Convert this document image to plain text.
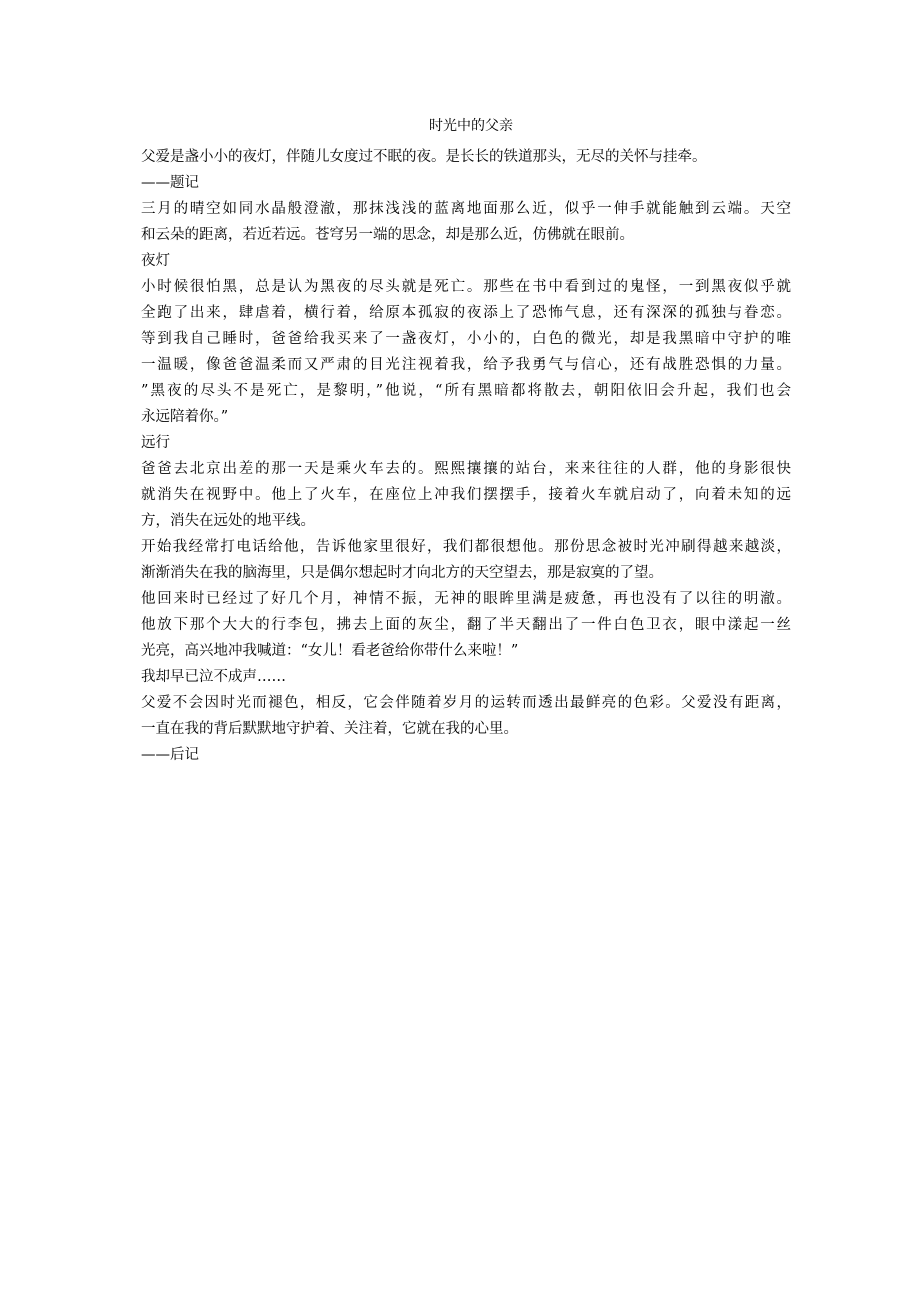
时光中的父亲

父爱是盏小小的夜灯，伴随儿女度过不眠的夜。是长长的铁道那头，无尽的关怀与挂牵。

——题记

三月的晴空如同水晶般澄澈，那抹浅浅的蓝离地面那么近，似乎一伸手就能触到云端。天空

和云朵的距离，若近若远。苍穹另一端的思念，却是那么近，仿佛就在眼前。

夜灯

小时候很怕黑，总是认为黑夜的尽头就是死亡。那些在书中看到过的鬼怪，一到黑夜似乎就

全跑了出来，肆虐着，横行着，给原本孤寂的夜添上了恐怖气息，还有深深的孤独与眷恋。

等到我自己睡时，爸爸给我买来了一盏夜灯，小小的，白色的微光，却是我黑暗中守护的唯

一温暖，像爸爸温柔而又严肃的目光注视着我，给予我勇气与信心，还有战胜恐惧的力量。

”黑夜的尽头不是死亡，是黎明，”他说，“所有黑暗都将散去，朝阳依旧会升起，我们也会

永远陪着你。”

远行

爸爸去北京出差的那一天是乘火车去的。熙熙攘攘的站台，来来往往的人群，他的身影很快

就消失在视野中。他上了火车，在座位上冲我们摆摆手，接着火车就启动了，向着未知的远

方，消失在远处的地平线。

开始我经常打电话给他，告诉他家里很好，我们都很想他。那份思念被时光冲刷得越来越淡，

渐渐消失在我的脑海里，只是偶尔想起时才向北方的天空望去，那是寂寞的了望。

他回来时已经过了好几个月，神情不振，无神的眼眸里满是疲惫，再也没有了以往的明澈。

他放下那个大大的行李包，拂去上面的灰尘，翻了半天翻出了一件白色卫衣，眼中漾起一丝

光亮，高兴地冲我喊道：“女儿！看老爸给你带什么来啦！”

我却早已泣不成声……

父爱不会因时光而褪色，相反，它会伴随着岁月的运转而透出最鲜亮的色彩。父爱没有距离，

一直在我的背后默默地守护着、关注着，它就在我的心里。

——后记
